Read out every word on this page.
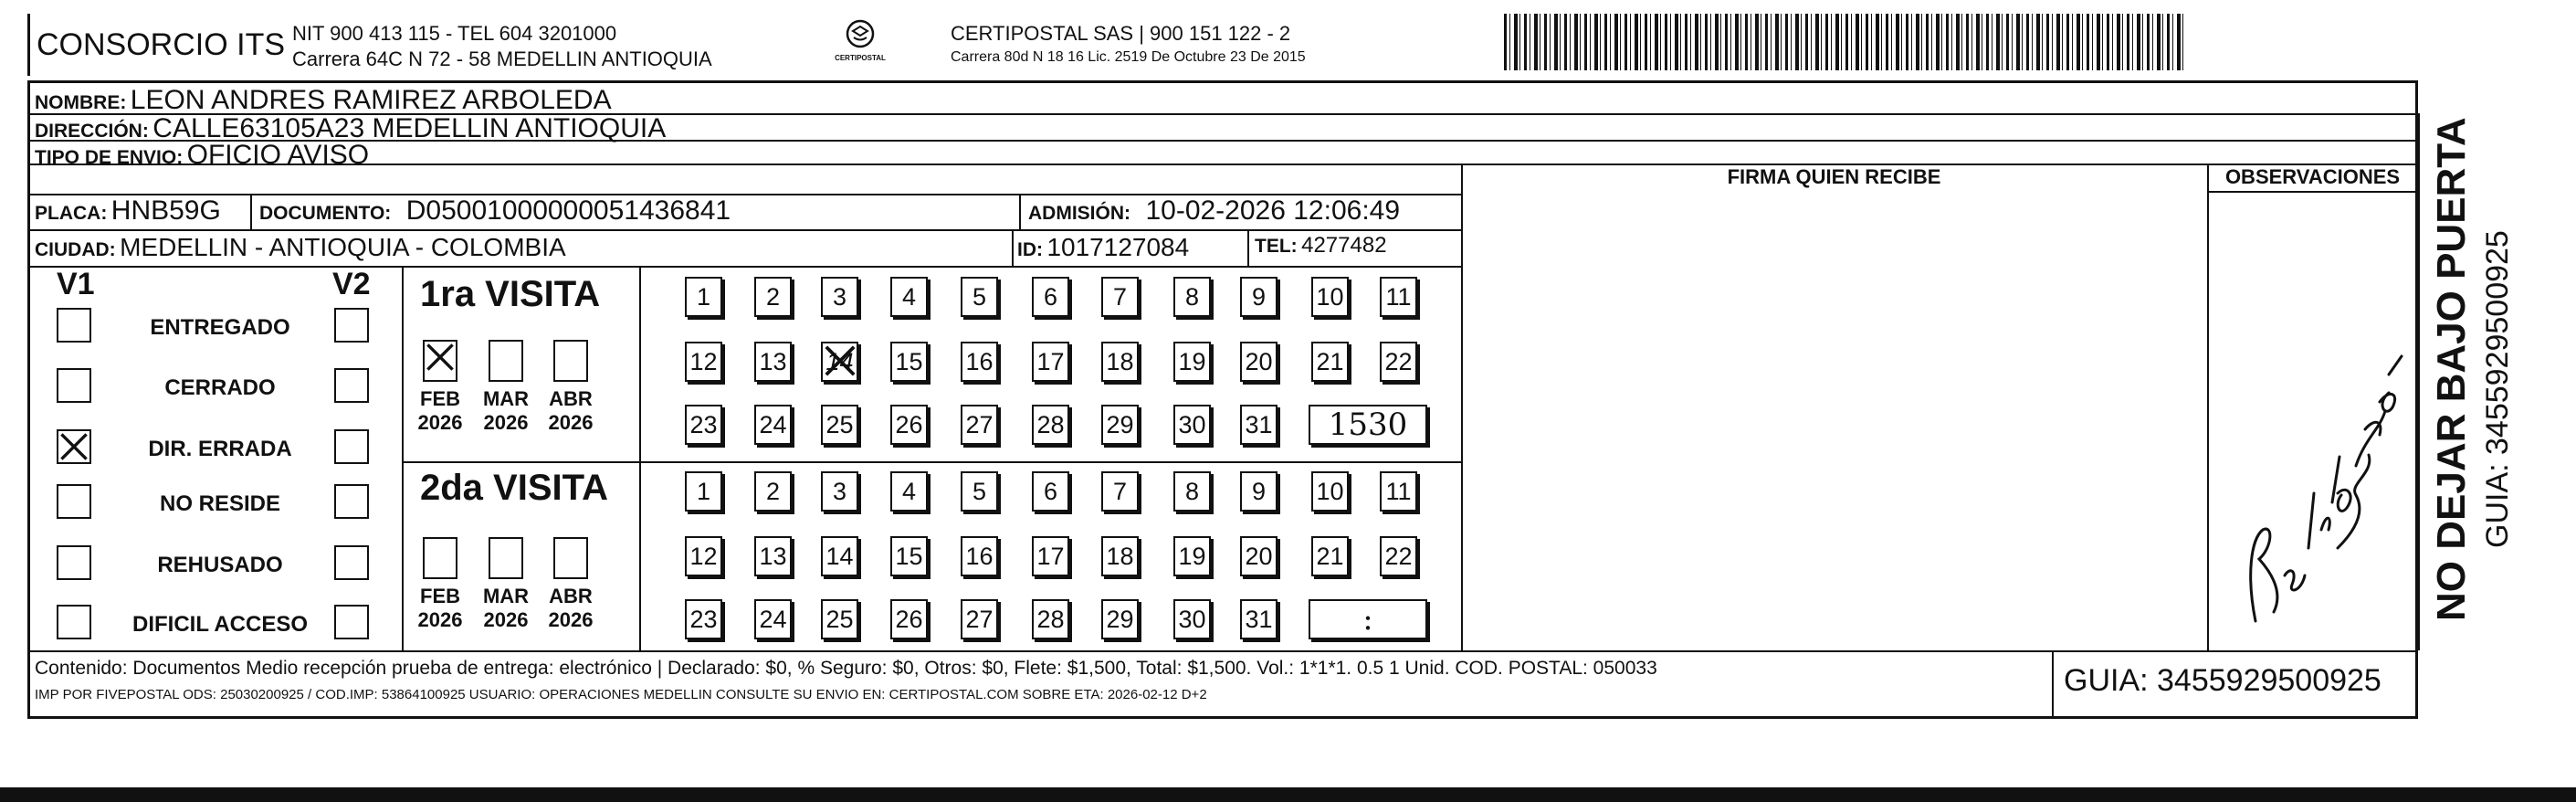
CONSORCIO ITS NIT 900 413 115 - TEL 604 3201000
Carrera 64C N 72 - 58 MEDELLIN ANTIOQUIA	CERTIPOSTAL
CERTIPOSTAL SAS | 900 151 122 - 2
Carrera 80d N 18 16 Lic. 2519 De Octubre 23 De 2015
NOMBRE: LEON ANDRES RAMIREZ ARBOLEDA
DIRECCIÓN: CALLE63105A23 MEDELLIN ANTIOQUIA
TIPO DE ENVIO: OFICIO AVISO
FIRMA QUIEN RECIBE	OBSERVACIONES
PLACA: HNB59G DOCUMENTO: D05001000000051436841	ADMISIÓN: 10-02-2026 12:06:49
CIUDAD: MEDELLIN - ANTIOQUIA - COLOMBIA	ID: 1017127084	TEL: 4277482
V1	V2
ENTREGADO
CERRADO
DIR. ERRADA
NO RESIDE
REHUSADO
DIFICIL ACCESO
1ra VISITA
FEB
2026
MAR
2026
ABR
2026
1	2	3	4	5	6	7	8	9	10 11
12 13 14 15 16 17 18 19 20 21 22
23 24 25 26 27 28 29 30 31	1530
2da VISITA
FEB
2026
MAR
2026
ABR
2026
1	2	3	4	5	6	7	8	9	10 11
12 13 14 15 16 17 18 19 20 21 22
23 24 25 26 27 28 29 30 31	:	NO DEJAR BAJO PUERTA GUIA: 3455929500925
Contenido: Documentos Medio recepción prueba de entrega: electrónico | Declarado: $0, % Seguro: $0, Otros: $0, Flete: $1,500, Total: $1,500. Vol.: 1*1*1. 0.5 1 Unid. COD. POSTAL: 050033
IMP POR FIVEPOSTAL ODS: 25030200925 / COD.IMP: 53864100925 USUARIO: OPERACIONES MEDELLIN CONSULTE SU ENVIO EN: CERTIPOSTAL.COM SOBRE ETA: 2026-02-12 D+2	GUIA: 3455929500925
